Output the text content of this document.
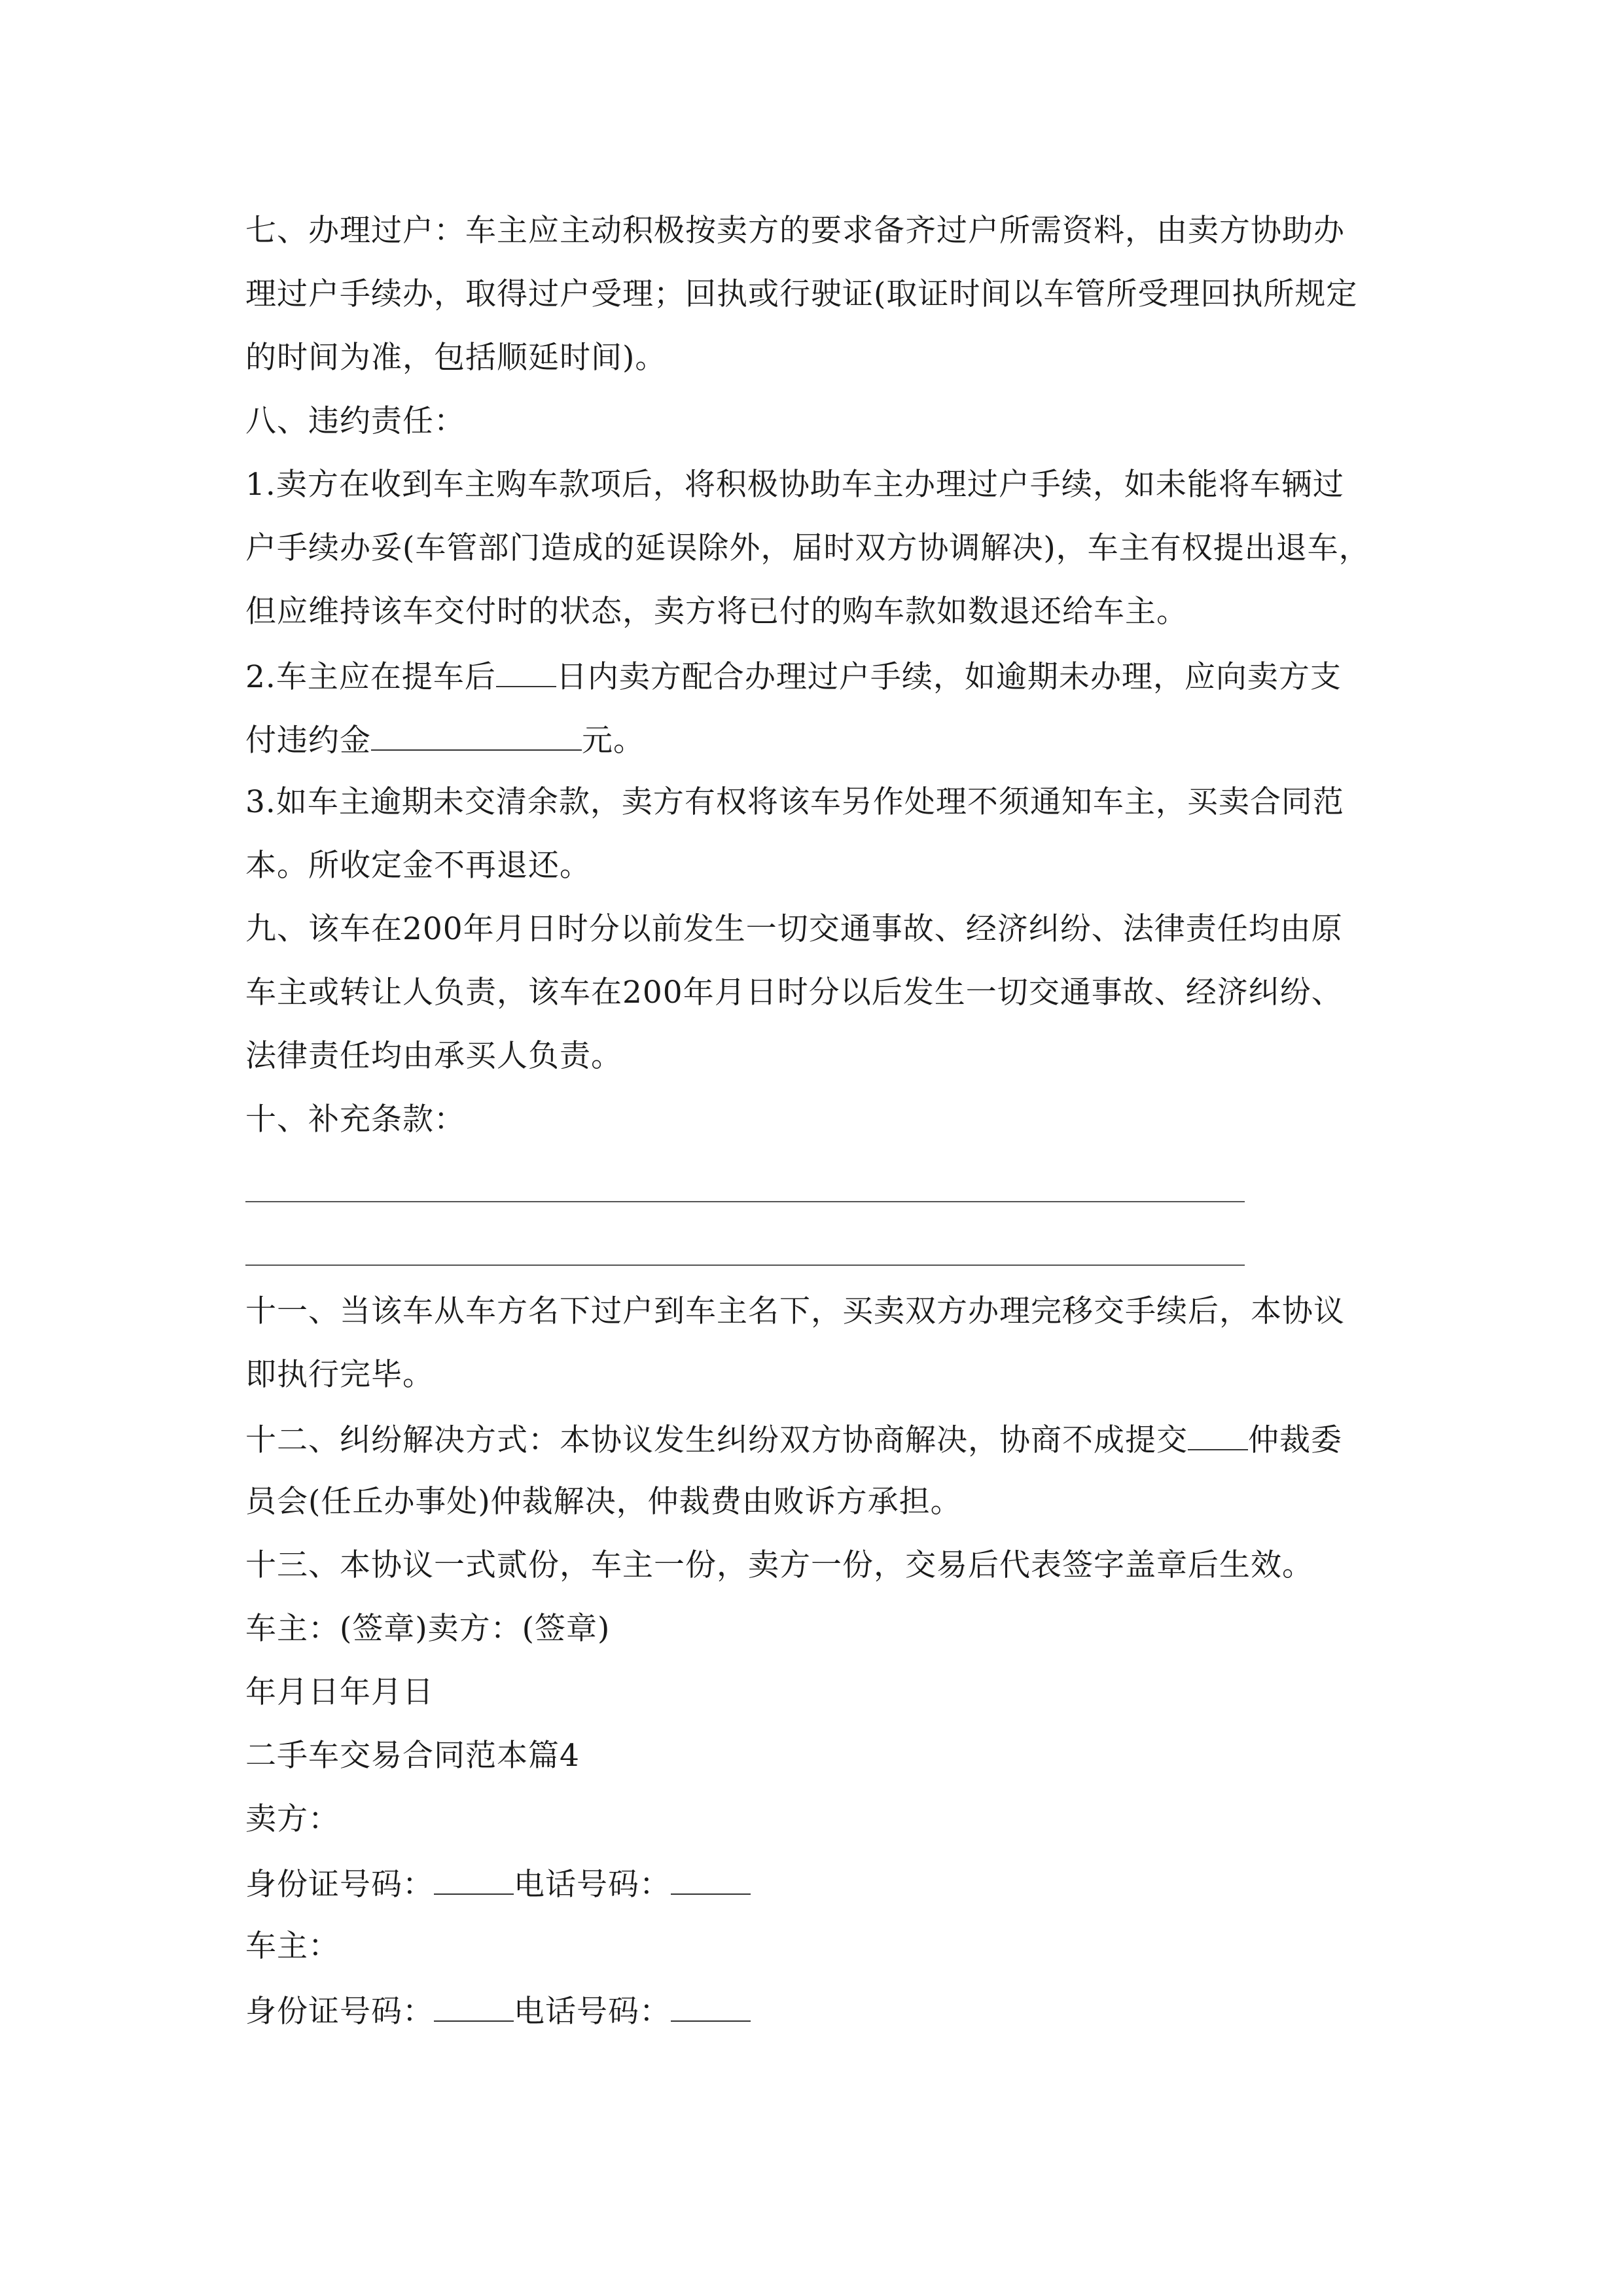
七、办理过户：车主应主动积极按卖方的要求备齐过户所需资料，由卖方协助办
理过户手续办，取得过户受理；回执或行驶证(取证时间以车管所受理回执所规定
的时间为准，包括顺延时间)。
八、违约责任：
1.卖方在收到车主购车款项后，将积极协助车主办理过户手续，如未能将车辆过
户手续办妥(车管部门造成的延误除外，届时双方协调解决)，车主有权提出退车，
但应维持该车交付时的状态，卖方将已付的购车款如数退还给车主。
2.车主应在提车后 日内卖方配合办理过户手续，如逾期未办理，应向卖方支
付违约金	元。
3.如车主逾期未交清余款，卖方有权将该车另作处理不须通知车主，买卖合同范
本。所收定金不再退还。
九、该车在200年月日时分以前发生一切交通事故、经济纠纷、法律责任均由原
车主或转让人负责，该车在200年月日时分以后发生一切交通事故、经济纠纷、
法律责任均由承买人负责。
十、补充条款：
十一、当该车从车方名下过户到车主名下，买卖双方办理完移交手续后，本协议
即执行完毕。
十二、纠纷解决方式：本协议发生纠纷双方协商解决，协商不成提交 仲裁委
员会(任丘办事处)仲裁解决，仲裁费由败诉方承担。
十三、本协议一式贰份，车主一份，卖方一份，交易后代表签字盖章后生效。
车主：(签章)卖方：(签章)
年月日年月日
二手车交易合同范本篇4
卖方：
身份证号码：	电话号码：
车主：
身份证号码：	电话号码：
